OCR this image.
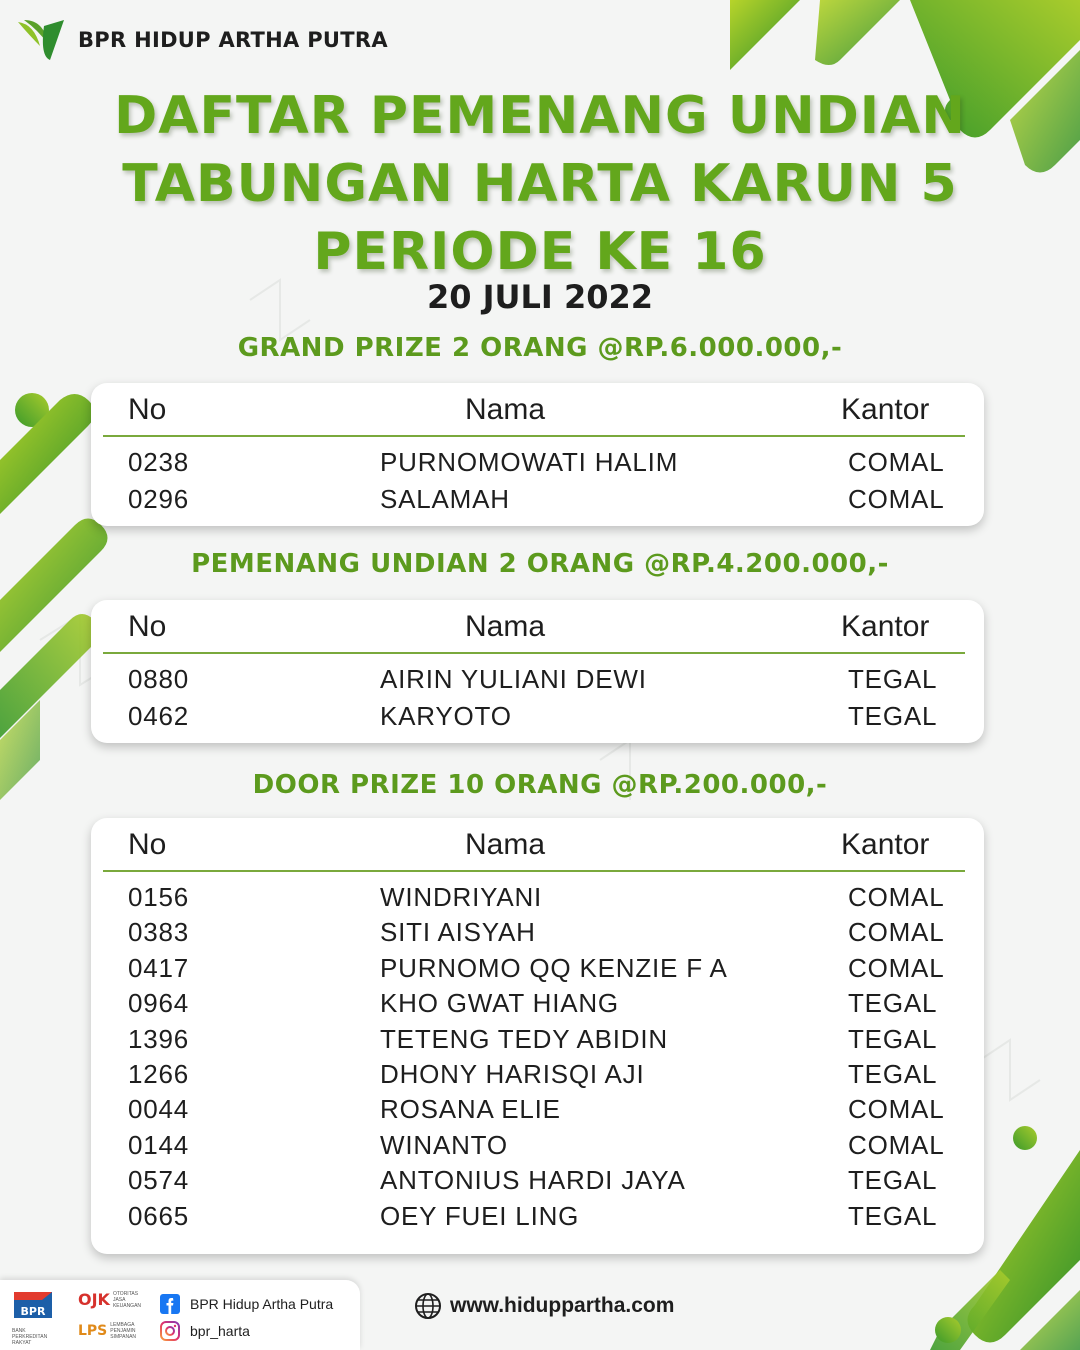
BPR HIDUP ARTHA PUTRA
DAFTAR PEMENANG UNDIAN
TABUNGAN HARTA KARUN 5
PERIODE KE 16
20 JULI 2022
GRAND PRIZE 2 ORANG @RP.6.000.000,-
No	Nama	Kantor
0238	PURNOMOWATI HALIM	COMAL
0296	SALAMAH	COMAL
PEMENANG UNDIAN 2 ORANG @RP.4.200.000,-
No	Nama	Kantor
0880	AIRIN YULIANI DEWI	TEGAL
0462	KARYOTO	TEGAL
DOOR PRIZE 10 ORANG @RP.200.000,-
No	Nama	Kantor
0156	WINDRIYANI	COMAL
0383	SITI AISYAH	COMAL
0417	PURNOMO QQ KENZIE F A	COMAL
0964	KHO GWAT HIANG	TEGAL
1396	TETENG TEDY ABIDIN	TEGAL
1266	DHONY HARISQI AJI	TEGAL
0044	ROSANA ELIE	COMAL
0144	WINANTO	COMAL
0574	ANTONIUS HARDI JAYA	TEGAL
0665	OEY FUEI LING	TEGAL
BPR
BANK PERKREDITAN RAKYAT
OJK OTORITAS JASA KEUANGAN
LPS LEMBAGA PENJAMIN SIMPANAN
BPR Hidup Artha Putra
bpr_harta
www.hiduppartha.com
